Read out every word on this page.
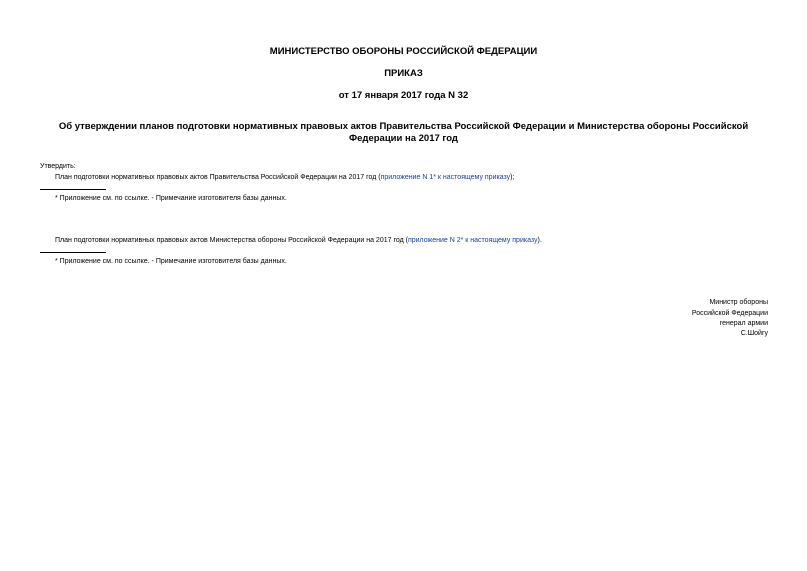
МИНИСТЕРСТВО ОБОРОНЫ РОССИЙСКОЙ ФЕДЕРАЦИИ
ПРИКАЗ
от 17 января 2017 года N 32
Об утверждении планов подготовки нормативных правовых актов Правительства Российской Федерации и Министерства обороны Российской Федерации на 2017 год
Утвердить:
План подготовки нормативных правовых актов Правительства Российской Федерации на 2017 год (приложение N 1* к настоящему приказу);
* Приложение см. по ссылке. - Примечание изготовителя базы данных.
План подготовки нормативных правовых актов Министерства обороны Российской Федерации на 2017 год (приложение N 2* к настоящему приказу).
* Приложение см. по ссылке. - Примечание изготовителя базы данных.
Министр обороны
Российской Федерации
генерал армии
С.Шойгу
